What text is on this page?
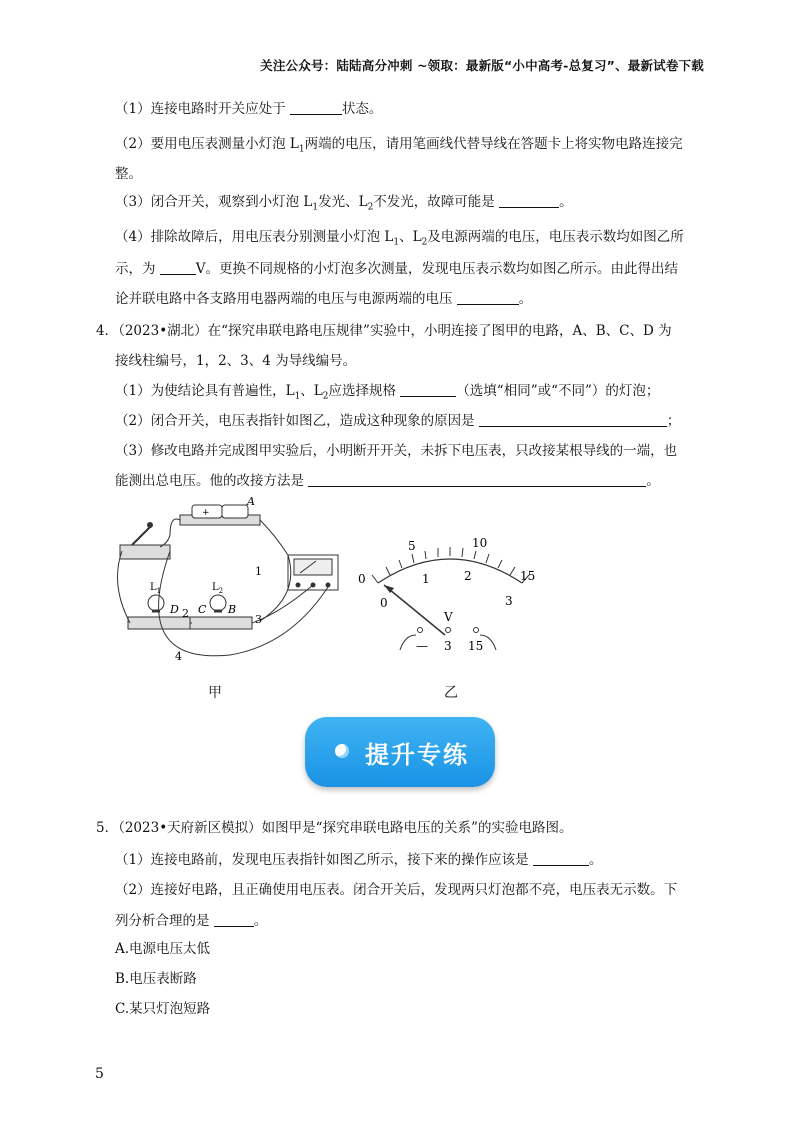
关注公众号：陆陆高分冲刺 ~领取：最新版“小中高考-总复习”、最新试卷下载
（1）连接电路时开关应处于	状态。
（2）要用电压表测量小灯泡 $L_1$两端的电压，请用笔画线代替导线在答题卡上将实物电路连接完
整。
（3）闭合开关，观察到小灯泡 $L_1$发光、$L_2$不发光，故障可能是	。
（4）排除故障后，用电压表分别测量小灯泡 $L_1$、$L_2$及电源两端的电压，电压表示数均如图乙所
示，为	V。更换不同规格的小灯泡多次测量，发现电压表示数均如图乙所示。由此得出结
论并联电路中各支路用电器两端的电压与电源两端的电压	。
4．（2023•湖北）在“探究串联电路电压规律”实验中，小明连接了图甲的电路，A、B、C、D 为
接线柱编号，1，2、3、4 为导线编号。
（1）为使结论具有普遍性，$L_1$、$L_2$应选择规格	（选填“相同”或“不同”）的灯泡；
（2）闭合开关，电压表指针如图乙，造成这种现象的原因是	；
（3）修改电路并完成图甲实验后，小明断开开关，未拆下电压表，只改接某根导线的一端，也
能测出总电压。他的改接方法是	。
+
A
B
C
D
$L_1$	$L_2$
1
2	3
4
甲
0
5	10
15
0
1	2
3
V
— 3 15
乙
提升专练
5．（2023•天府新区模拟）如图甲是“探究串联电路电压的关系”的实验电路图。
（1）连接电路前，发现电压表指针如图乙所示，接下来的操作应该是	。
（2）连接好电路，且正确使用电压表。闭合开关后，发现两只灯泡都不亮，电压表无示数。下
列分析合理的是	。
A.电源电压太低
B.电压表断路
C.某只灯泡短路
5
